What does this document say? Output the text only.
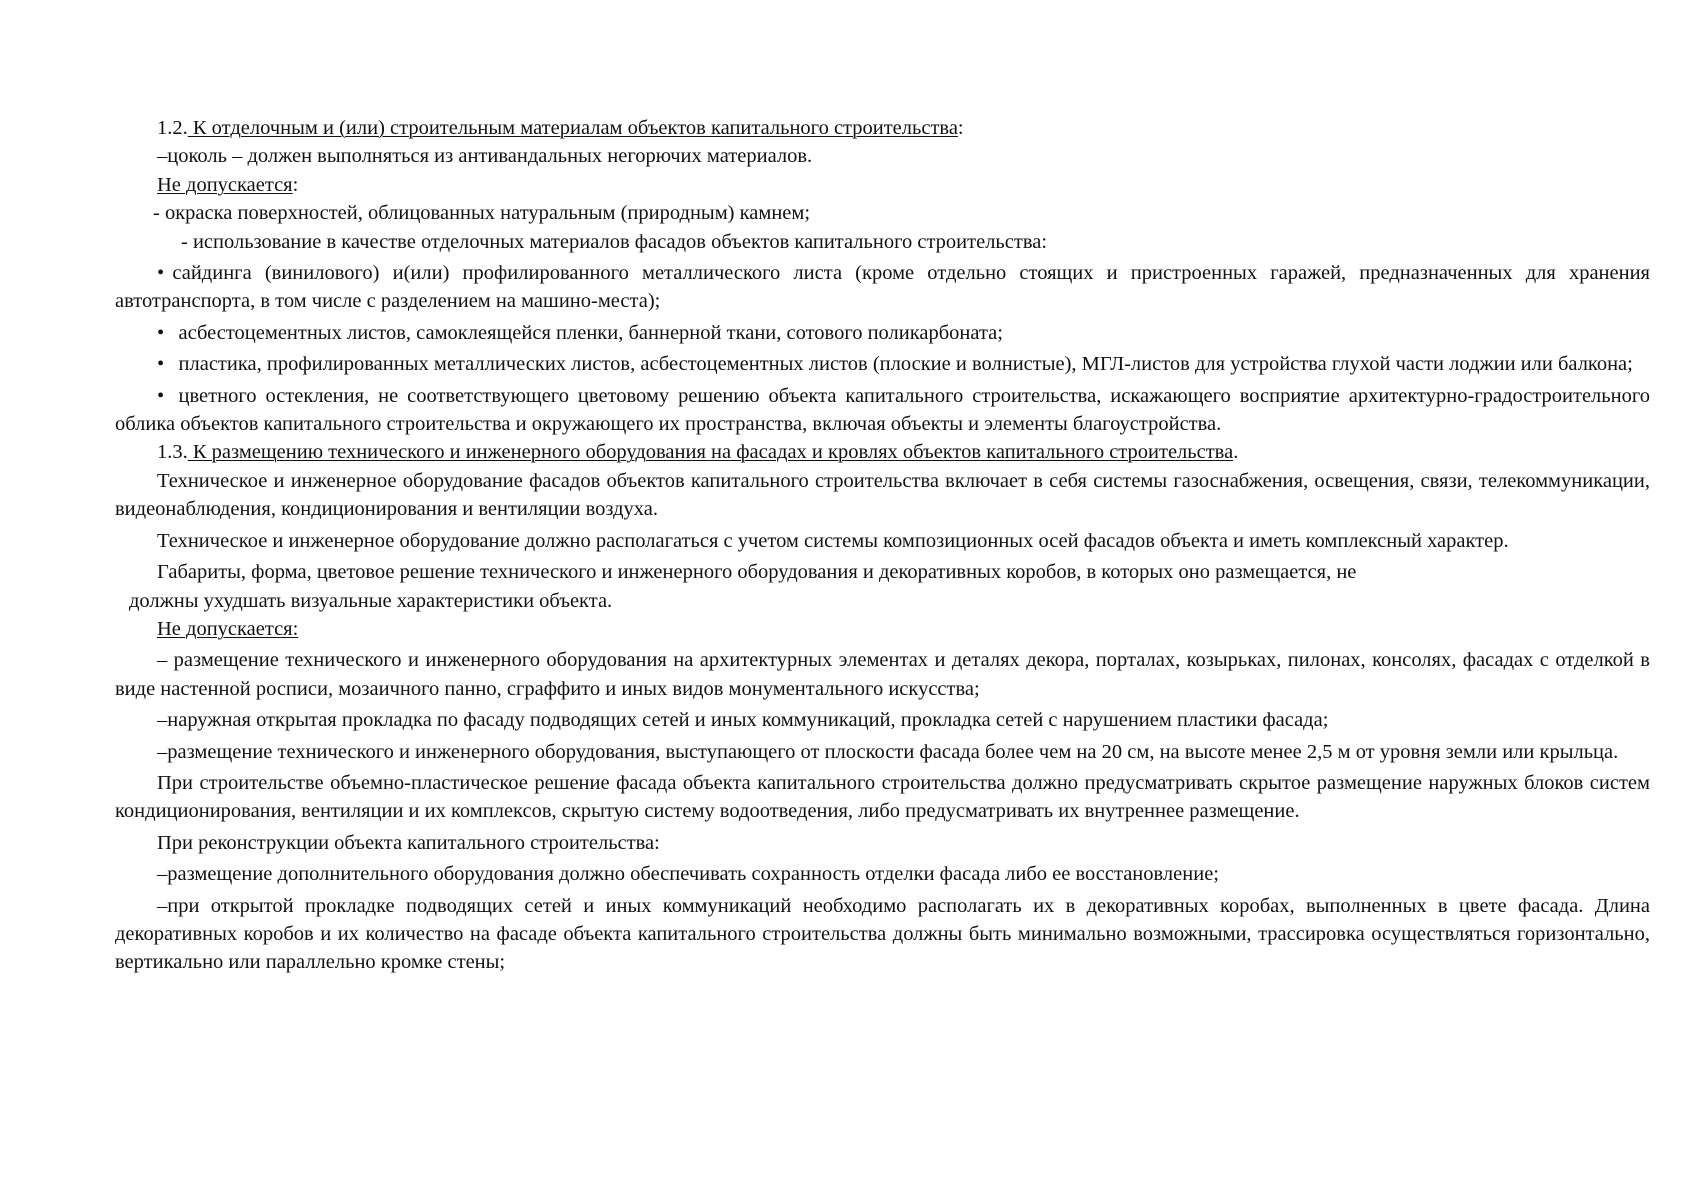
1.2. К отделочным и (или) строительным материалам объектов капитального строительства:

–цоколь – должен выполняться из антивандальных негорючих материалов.

Не допускается:

- окраска поверхностей, облицованных натуральным (природным) камнем;

- использование в качестве отделочных материалов фасадов объектов капитального строительства:

• сайдинга (винилового) и(или) профилированного металлического листа (кроме отдельно стоящих и пристроенных гаражей, предназначенных для хранения автотранспорта, в том числе с разделением на машино-места);

• асбестоцементных листов, самоклеящейся пленки, баннерной ткани, сотового поликарбоната;

• пластика, профилированных металлических листов, асбестоцементных листов (плоские и волнистые), МГЛ-листов для устройства глухой части лоджии или балкона;

• цветного остекления, не соответствующего цветовому решению объекта капитального строительства, искажающего восприятие архитектурно-градостроительного облика объектов капитального строительства и окружающего их пространства, включая объекты и элементы благоустройства.

1.3. К размещению технического и инженерного оборудования на фасадах и кровлях объектов капитального строительства.

Техническое и инженерное оборудование фасадов объектов капитального строительства включает в себя системы газоснабжения, освещения, связи, телекоммуникации, видеонаблюдения, кондиционирования и вентиляции воздуха.

Техническое и инженерное оборудование должно располагаться с учетом системы композиционных осей фасадов объекта и иметь комплексный характер.

Габариты, форма, цветовое решение технического и инженерного оборудования и декоративных коробов, в которых оно размещается, не

должны ухудшать визуальные характеристики объекта.

Не допускается:

– размещение технического и инженерного оборудования на архитектурных элементах и деталях декора, порталах, козырьках, пилонах, консолях, фасадах с отделкой в виде настенной росписи, мозаичного панно, сграффито и иных видов монументального искусства;

–наружная открытая прокладка по фасаду подводящих сетей и иных коммуникаций, прокладка сетей с нарушением пластики фасада;

–размещение технического и инженерного оборудования, выступающего от плоскости фасада более чем на 20 см, на высоте менее 2,5 м от уровня земли или крыльца.

При строительстве объемно-пластическое решение фасада объекта капитального строительства должно предусматривать скрытое размещение наружных блоков систем кондиционирования, вентиляции и их комплексов, скрытую систему водоотведения, либо предусматривать их внутреннее размещение.

При реконструкции объекта капитального строительства:

–размещение дополнительного оборудования должно обеспечивать сохранность отделки фасада либо ее восстановление;

–при открытой прокладке подводящих сетей и иных коммуникаций необходимо располагать их в декоративных коробах, выполненных в цвете фасада. Длина декоративных коробов и их количество на фасаде объекта капитального строительства должны быть минимально возможными, трассировка осуществляться горизонтально, вертикально или параллельно кромке стены;
